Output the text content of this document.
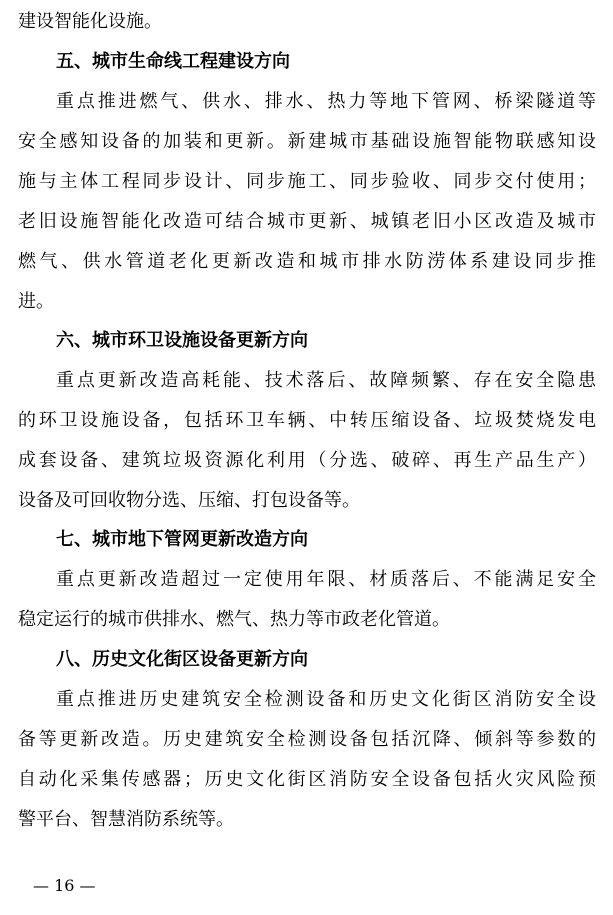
建设智能化设施。
五、城市生命线工程建设方向
重点推进燃气、供水、排水、热力等地下管网、桥梁隧道等
安全感知设备的加装和更新。新建城市基础设施智能物联感知设
施与主体工程同步设计、同步施工、同步验收、同步交付使用；
老旧设施智能化改造可结合城市更新、城镇老旧小区改造及城市
燃气、供水管道老化更新改造和城市排水防涝体系建设同步推
进。
六、城市环卫设施设备更新方向
重点更新改造高耗能、技术落后、故障频繁、存在安全隐患
的环卫设施设备，包括环卫车辆、中转压缩设备、垃圾焚烧发电
成套设备、建筑垃圾资源化利用（分选、破碎、再生产品生产）
设备及可回收物分选、压缩、打包设备等。
七、城市地下管网更新改造方向
重点更新改造超过一定使用年限、材质落后、不能满足安全
稳定运行的城市供排水、燃气、热力等市政老化管道。
八、历史文化街区设备更新方向
重点推进历史建筑安全检测设备和历史文化街区消防安全设
备等更新改造。历史建筑安全检测设备包括沉降、倾斜等参数的
自动化采集传感器；历史文化街区消防安全设备包括火灾风险预
警平台、智慧消防系统等。
— 16 —
